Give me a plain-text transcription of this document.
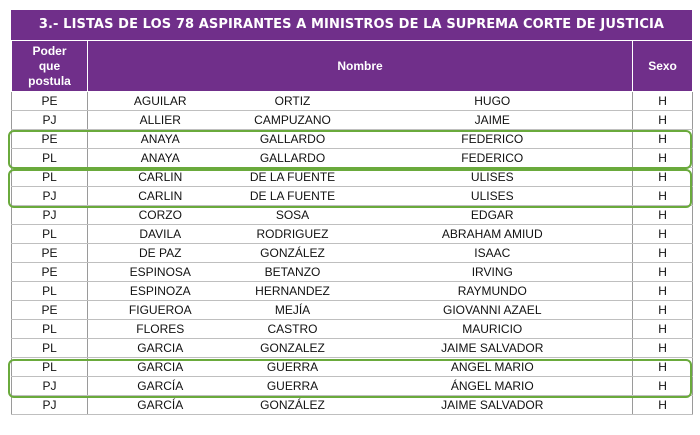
3.- LISTAS DE LOS 78 ASPIRANTES A MINISTROS DE LA SUPREMA CORTE DE JUSTICIA
Poder
que
postula	Nombre			Sexo
PE	AGUILAR	ORTIZ	HUGO	H
PJ	ALLIER	CAMPUZANO	JAIME	H
PE	ANAYA	GALLARDO	FEDERICO	H
PL	ANAYA	GALLARDO	FEDERICO	H
PL	CARLIN	DE LA FUENTE	ULISES	H
PJ	CARLIN	DE LA FUENTE	ULISES	H
PJ	CORZO	SOSA	EDGAR	H
PL	DAVILA	RODRIGUEZ	ABRAHAM AMIUD	H
PE	DE PAZ	GONZÁLEZ	ISAAC	H
PE	ESPINOSA	BETANZO	IRVING	H
PL	ESPINOZA	HERNANDEZ	RAYMUNDO	H
PE	FIGUEROA	MEJÍA	GIOVANNI AZAEL	H
PL	FLORES	CASTRO	MAURICIO	H
PL	GARCIA	GONZALEZ	JAIME SALVADOR	H
PL	GARCIA	GUERRA	ANGEL MARIO	H
PJ	GARCÍA	GUERRA	ÁNGEL MARIO	H
PJ	GARCÍA	GONZÁLEZ	JAIME SALVADOR	H
